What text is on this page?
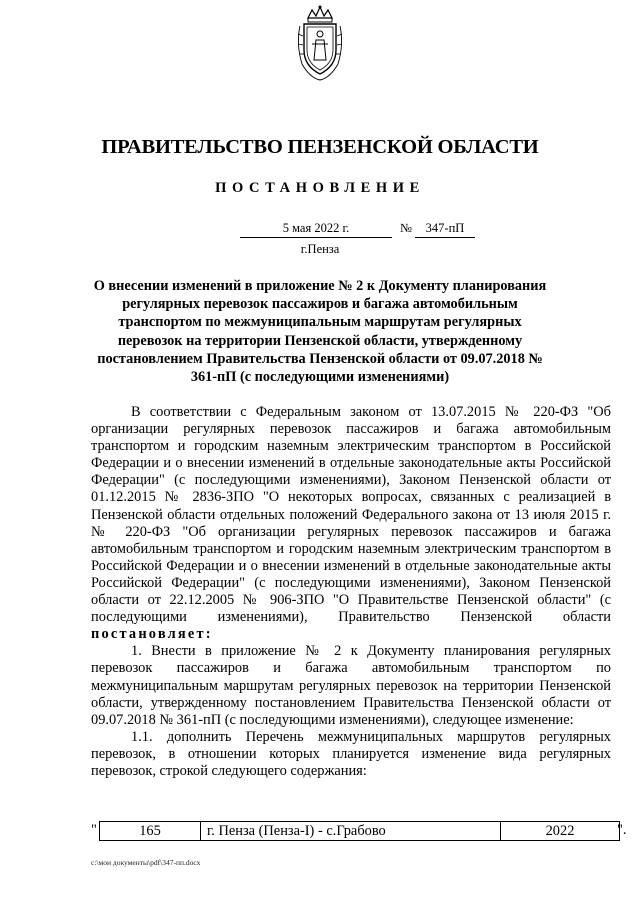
ПРАВИТЕЛЬСТВО ПЕНЗЕНСКОЙ ОБЛАСТИ
ПОСТАНОВЛЕНИЕ
5 мая 2022 г.	№	347-пП
г.Пенза
О внесении изменений в приложение № 2 к Документу планирования регулярных перевозок пассажиров и багажа автомобильным транспортом по межмуниципальным маршрутам регулярных перевозок на территории Пензенской области, утвержденному постановлением Правительства Пензенской области от 09.07.2018 № 361-пП (с последующими изменениями)

В соответствии с Федеральным законом от 13.07.2015 № 220-ФЗ "Об организации регулярных перевозок пассажиров и багажа автомобильным транспортом и городским наземным электрическим транспортом в Российской Федерации и о внесении изменений в отдельные законодательные акты Российской Федерации" (с последующими изменениями), Законом Пензенской области от 01.12.2015 № 2836-ЗПО "О некоторых вопросах, связанных с реализацией в Пензенской области отдельных положений Федерального закона от 13 июля 2015 г. № 220-ФЗ "Об организации регулярных перевозок пассажиров и багажа автомобильным транспортом и городским наземным электрическим транспортом в Российской Федерации и о внесении изменений в отдельные законодательные акты Российской Федерации" (с последующими изменениями), Законом Пензенской области от 22.12.2005 № 906-ЗПО "О Правительстве Пензенской области" (с последующими изменениями), Правительство Пензенской области постановляет:

1. Внести в приложение № 2 к Документу планирования регулярных перевозок пассажиров и багажа автомобильным транспортом по межмуниципальным маршрутам регулярных перевозок на территории Пензенской области, утвержденному постановлением Правительства Пензенской области от 09.07.2018 № 361-пП (с последующими изменениями), следующее изменение:

1.1. дополнить Перечень межмуниципальных маршрутов регулярных перевозок, в отношении которых планируется изменение вида регулярных перевозок, строкой следующего содержания:

"	165	г. Пенза (Пенза-I) - с.Грабово	2022	".
c:\мои документы\pdf\347-пп.docx
